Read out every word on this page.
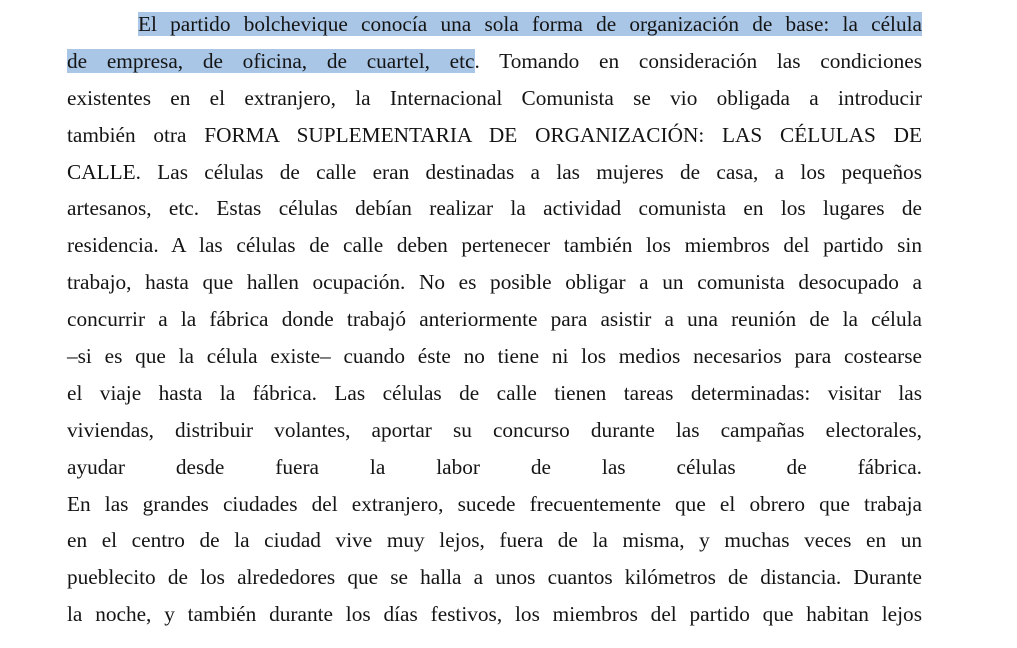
El partido bolchevique conocía una sola forma de organización de base: la célula
de empresa, de oficina, de cuartel, etc. Tomando en consideración las condiciones
existentes en el extranjero, la Internacional Comunista se vio obligada a introducir
también otra FORMA SUPLEMENTARIA DE ORGANIZACIÓN: LAS CÉLULAS DE
CALLE. Las células de calle eran destinadas a las mujeres de casa, a los pequeños
artesanos, etc. Estas células debían realizar la actividad comunista en los lugares de
residencia. A las células de calle deben pertenecer también los miembros del partido sin
trabajo, hasta que hallen ocupación. No es posible obligar a un comunista desocupado a
concurrir a la fábrica donde trabajó anteriormente para asistir a una reunión de la célula
–si es que la célula existe– cuando éste no tiene ni los medios necesarios para costearse
el viaje hasta la fábrica. Las células de calle tienen tareas determinadas: visitar las
viviendas, distribuir volantes, aportar su concurso durante las campañas electorales,
ayudar desde fuera la labor de las células de fábrica.
En las grandes ciudades del extranjero, sucede frecuentemente que el obrero que trabaja
en el centro de la ciudad vive muy lejos, fuera de la misma, y muchas veces en un
pueblecito de los alrededores que se halla a unos cuantos kilómetros de distancia. Durante
la noche, y también durante los días festivos, los miembros del partido que habitan lejos
